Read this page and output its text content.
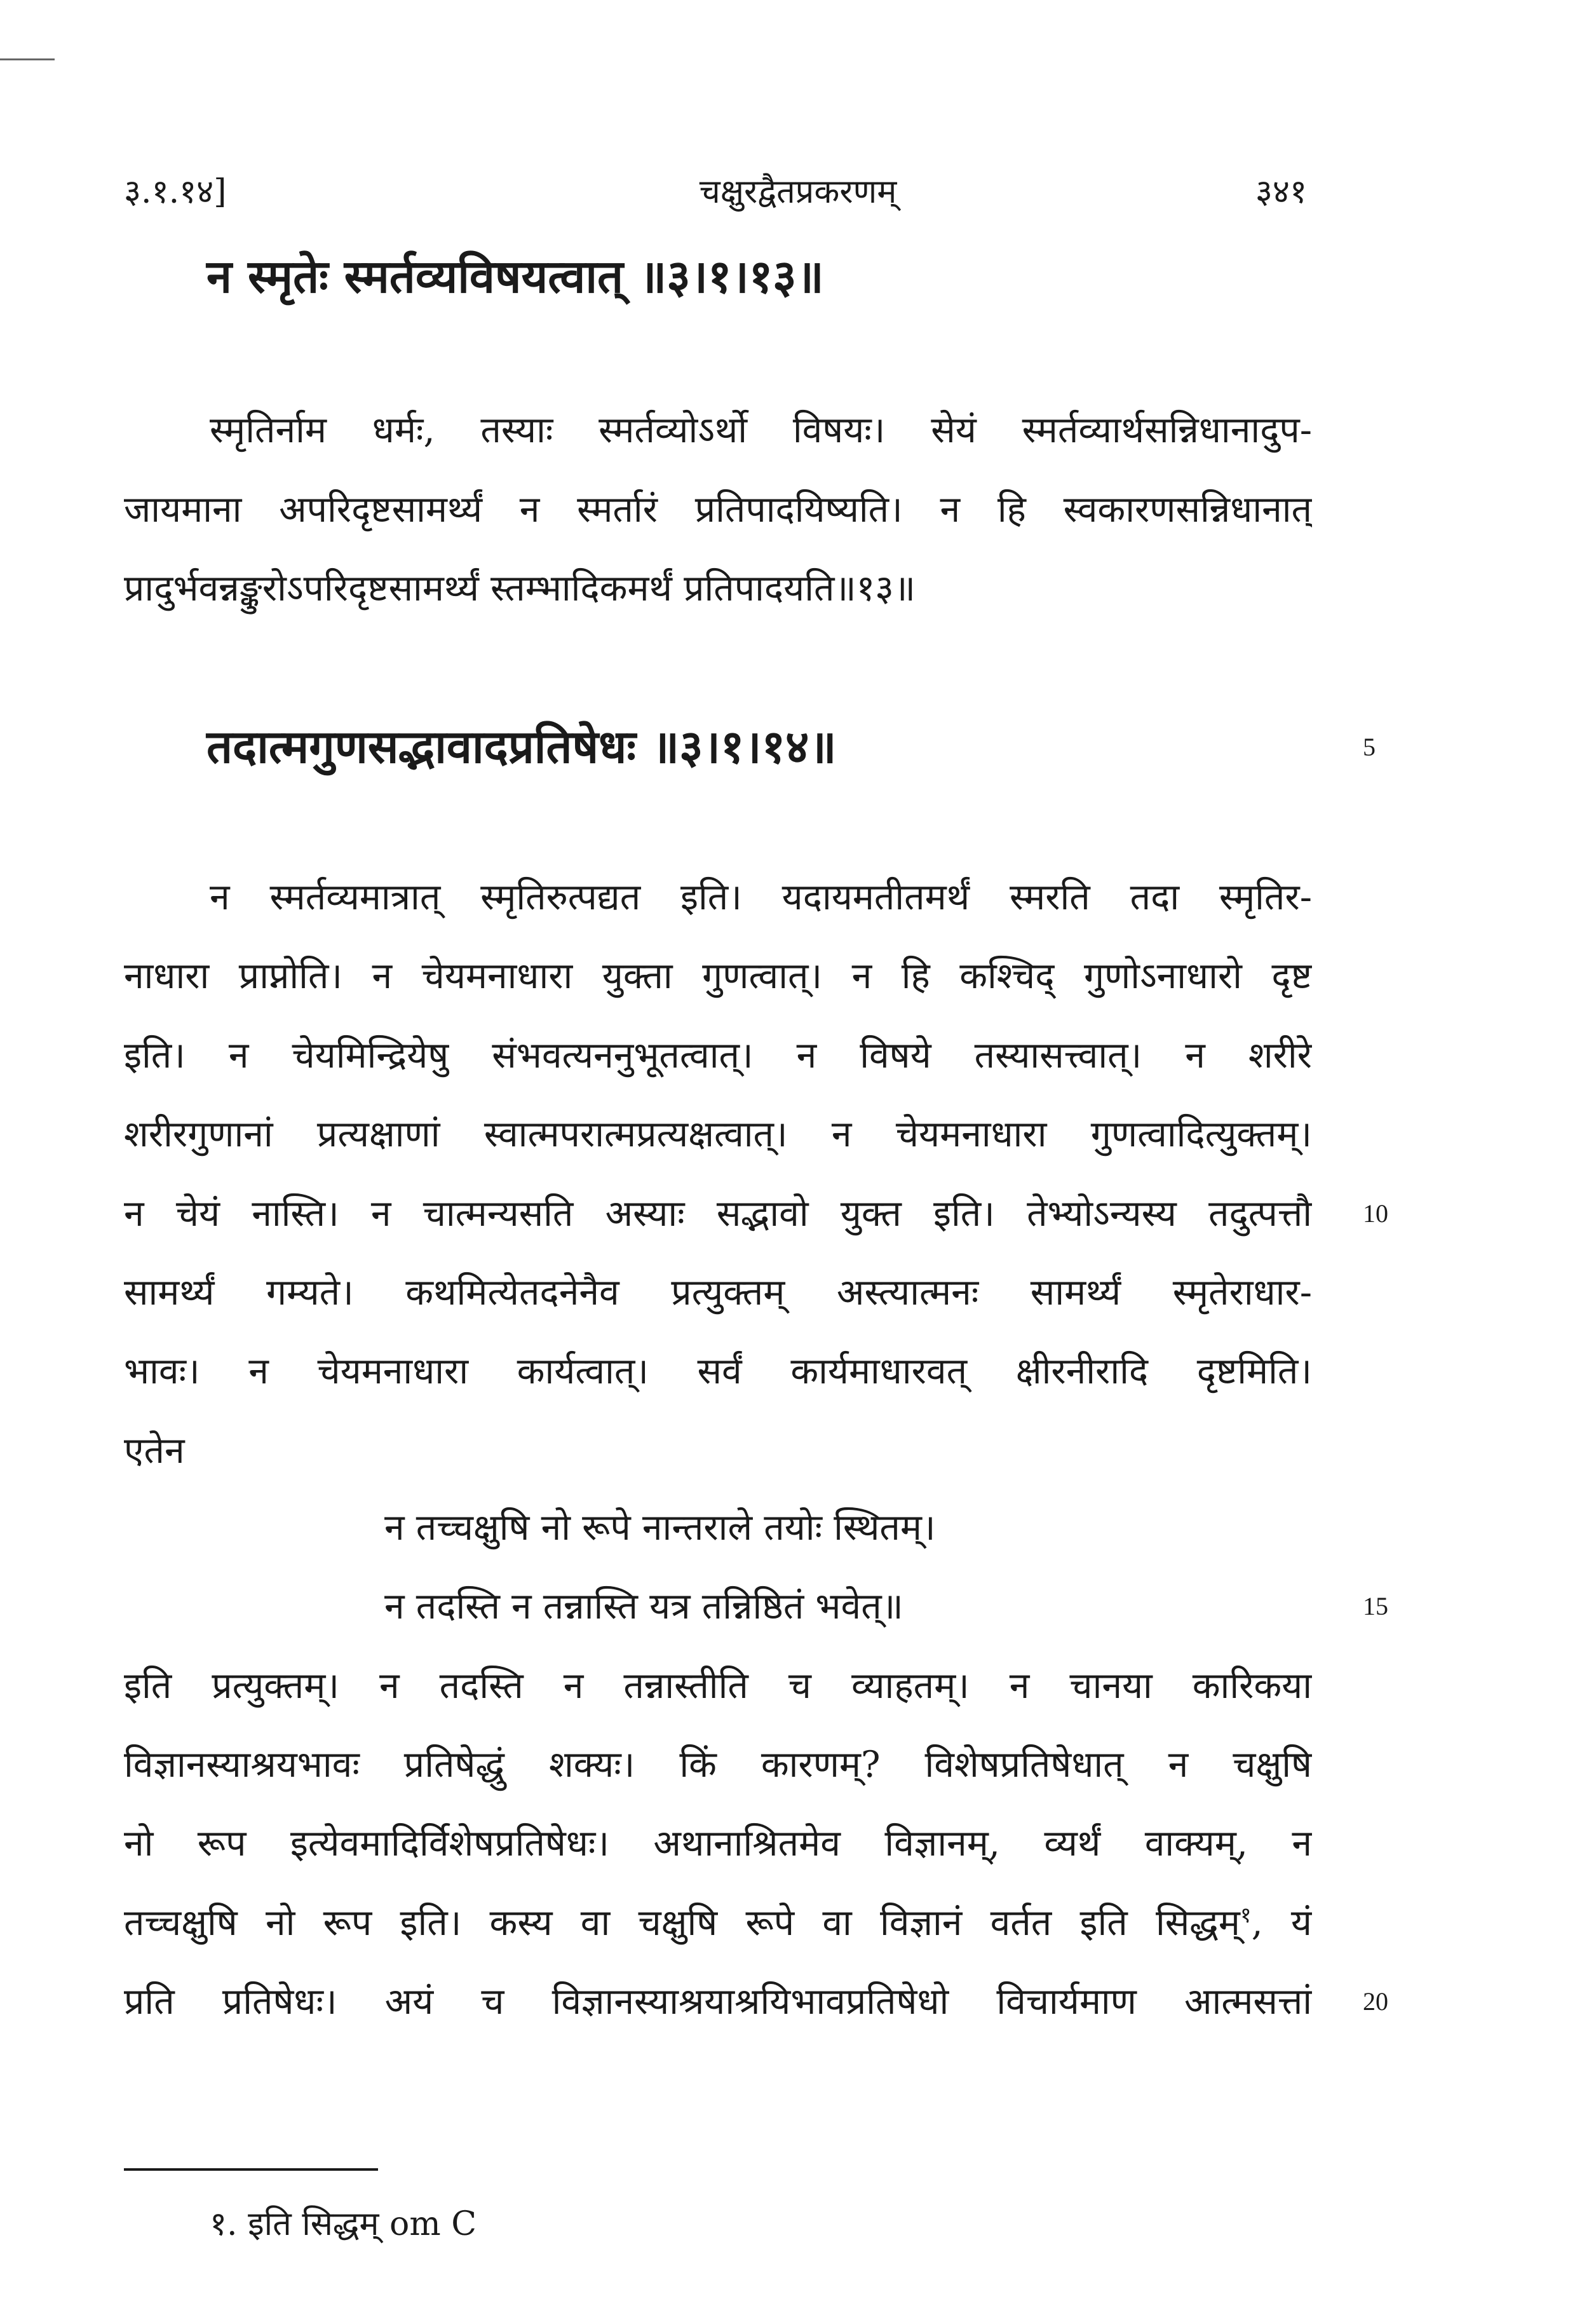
३.१.१४]	चक्षुरद्वैतप्रकरणम्	३४१
न स्मृतेः स्मर्तव्यविषयत्वात् ॥३।१।१३॥
स्मृतिर्नाम धर्मः, तस्याः स्मर्तव्योऽर्थो विषयः। सेयं स्मर्तव्यार्थसन्निधानादुप-
जायमाना अपरिदृष्टसामर्थ्यं न स्मर्तारं प्रतिपादयिष्यति। न हि स्वकारणसन्निधानात्
प्रादुर्भवन्नङ्कुरोऽपरिदृष्टसामर्थ्यं स्तम्भादिकमर्थं प्रतिपादयति॥१३॥
तदात्मगुणसद्भावादप्रतिषेधः ॥३।१।१४॥	5
न स्मर्तव्यमात्रात् स्मृतिरुत्पद्यत इति। यदायमतीतमर्थं स्मरति तदा स्मृतिर-
नाधारा प्राप्नोति। न चेयमनाधारा युक्ता गुणत्वात्। न हि कश्चिद् गुणोऽनाधारो दृष्ट
इति। न चेयमिन्द्रियेषु संभवत्यननुभूतत्वात्। न विषये तस्यासत्त्वात्। न शरीरे
शरीरगुणानां प्रत्यक्षाणां स्वात्मपरात्मप्रत्यक्षत्वात्। न चेयमनाधारा गुणत्वादित्युक्तम्।
न चेयं नास्ति। न चात्मन्यसति अस्याः सद्भावो युक्त इति। तेभ्योऽन्यस्य तदुत्पत्तौ 10
सामर्थ्यं गम्यते। कथमित्येतदनेनैव प्रत्युक्तम् अस्त्यात्मनः सामर्थ्यं स्मृतेराधार-
भावः। न चेयमनाधारा कार्यत्वात्। सर्वं कार्यमाधारवत् क्षीरनीरादि दृष्टमिति।
एतेन
न तच्चक्षुषि नो रूपे नान्तराले तयोः स्थितम्।
न तदस्ति न तन्नास्ति यत्र तन्निष्ठितं भवेत्॥	15
इति प्रत्युक्तम्। न तदस्ति न तन्नास्तीति च व्याहतम्। न चानया कारिकया
विज्ञानस्याश्रयभावः प्रतिषेद्धुं शक्यः। किं कारणम्? विशेषप्रतिषेधात् न चक्षुषि
नो रूप इत्येवमादिर्विशेषप्रतिषेधः। अथानाश्रितमेव विज्ञानम्, व्यर्थं वाक्यम्, न
तच्चक्षुषि नो रूप इति। कस्य वा चक्षुषि रूपे वा विज्ञानं वर्तत इति सिद्धम्$^१$, यं
प्रति प्रतिषेधः। अयं च विज्ञानस्याश्रयाश्रयिभावप्रतिषेधो विचार्यमाण आत्मसत्तां 20
१. इति सिद्धम् om C
